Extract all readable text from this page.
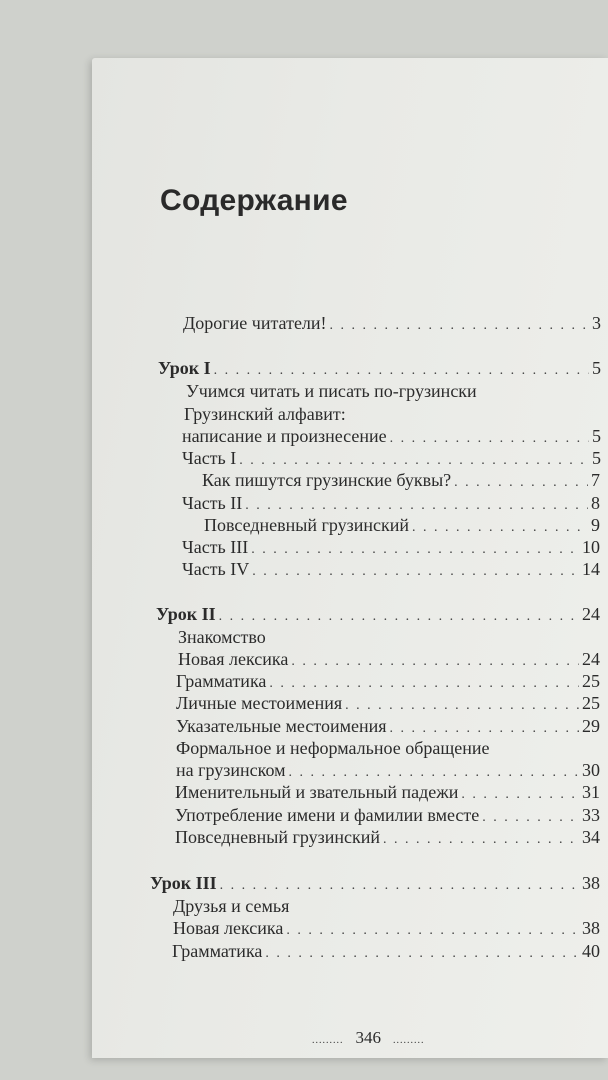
Содержание
Дорогие читатели! . . .	3
Урок I . . .	5
Учимся читать и писать по-грузински
Грузинский алфавит:
написание и произнесение . . .	5
Часть I . . .	5
Как пишутся грузинские буквы? . . .	7
Часть II . . .	8
Повседневный грузинский . . .	9
Часть III . . .	10
Часть IV . . .	14
Урок II . . .	24
Знакомство
Новая лексика . . .	24
Грамматика . . .	25
Личные местоимения . . .	25
Указательные местоимения . . .	29
Формальное и неформальное обращение
на грузинском . . .	30
Именительный и звательный падежи . . .	31
Употребление имени и фамилии вместе . . .	33
Повседневный грузинский . . .	34
Урок III . . .	38
Друзья и семья
Новая лексика . . .	38
Грамматика . . .	40
......... 346 .........
